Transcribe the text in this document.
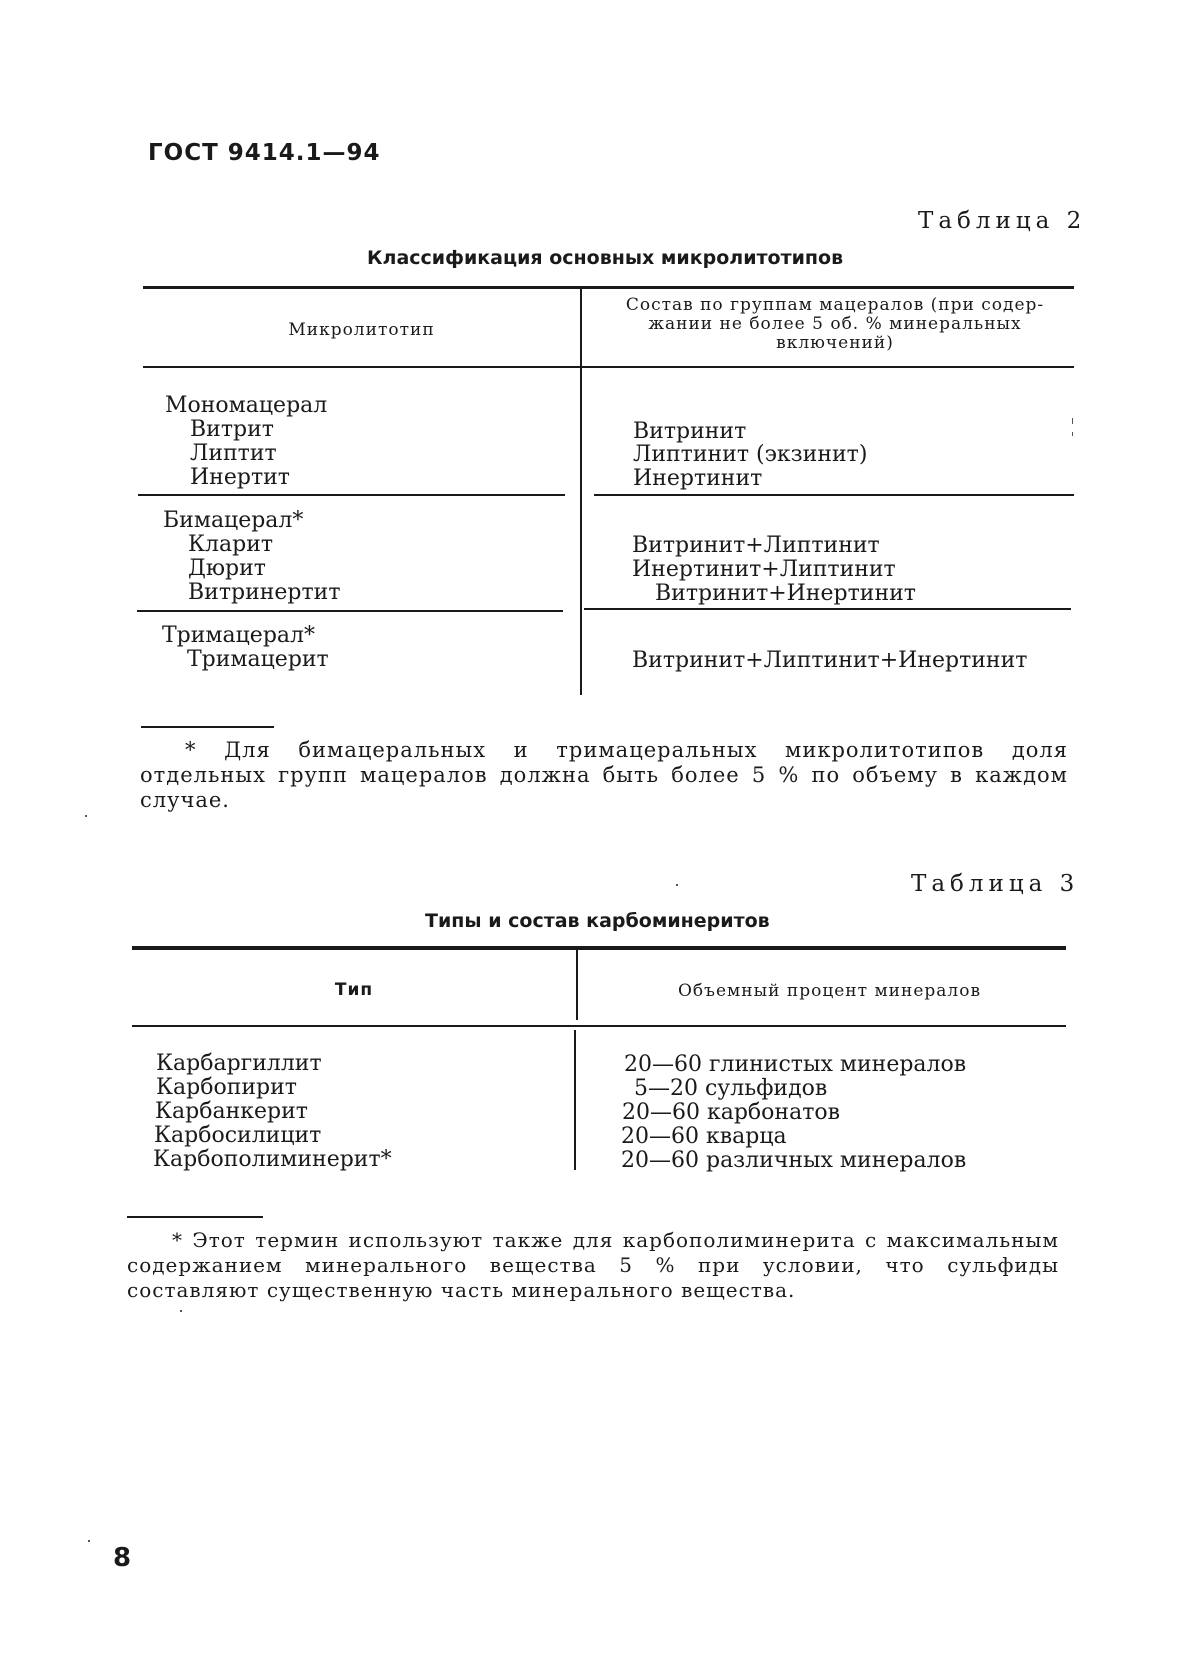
ГОСТ 9414.1—94
Таблица 2
Классификация основных микролитотипов
Микролитотип
Состав по группам мацералов (при содер-
жании не более 5 об. % минеральных
включений)
Мономацерал
Витрит
Липтит
Инертит
Витринит
Липтинит (экзинит)
Инертинит
Бимацерал*
Кларит
Дюрит
Витринертит
Витринит+Липтинит
Инертинит+Липтинит
Витринит+Инертинит
Тримацерал*
Тримацерит	Витринит+Липтинит+Инертинит
* Для бимацеральных и тримацеральных микролитотипов доля отдельных групп мацералов должна быть более 5 % по объему в каждом случае.
Таблица 3
Типы и состав карбоминеритов
Тип	Объемный процент минералов
Карбаргиллит
Карбопирит
Карбанкерит
Карбосилицит
Карбополиминерит*
20—60 глинистых минералов
5—20 сульфидов
20—60 карбонатов
20—60 кварца
20—60 различных минералов
* Этот термин используют также для карбополиминерита с максимальным содержанием минерального вещества 5 % при условии, что сульфиды составляют существенную часть минерального вещества.
8
